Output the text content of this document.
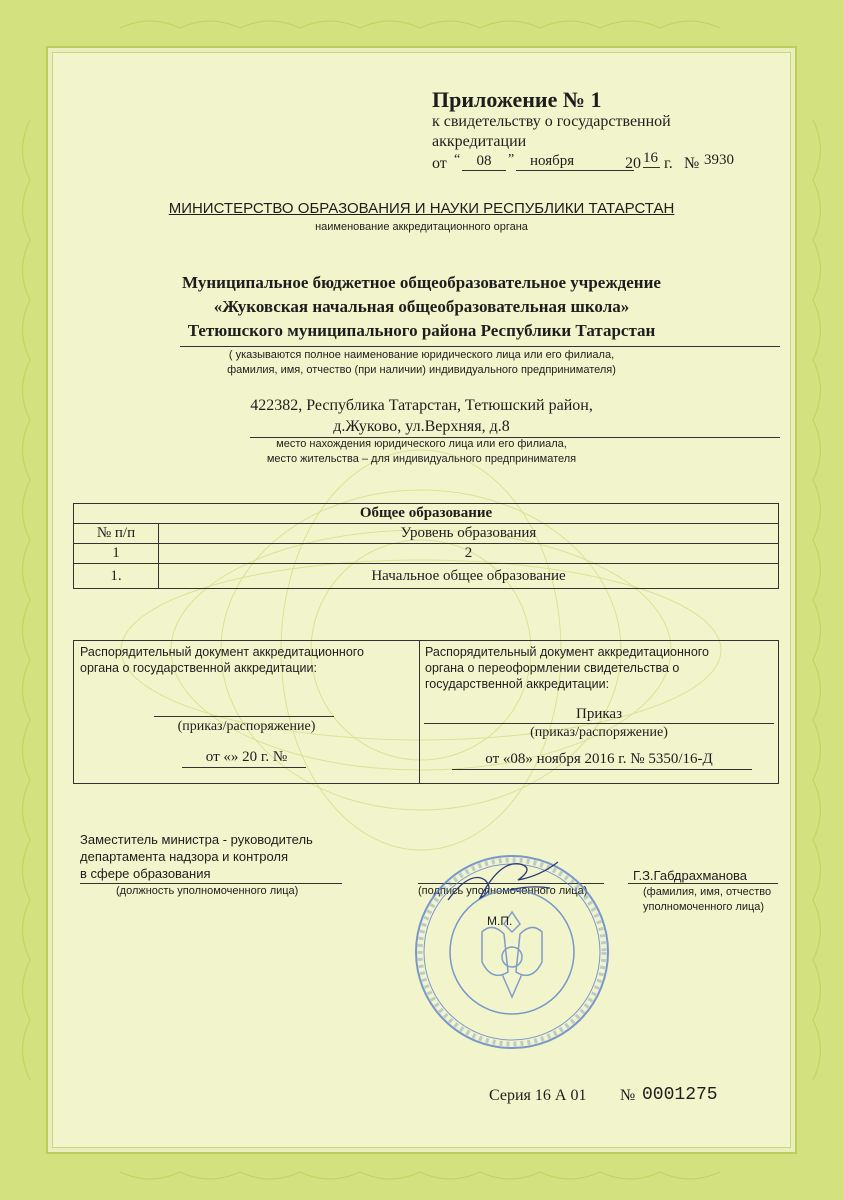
Приложение № 1
к свидетельству о государственной
аккредитации
от “	08	”	ноября	20 16 г. № 3930
МИНИСТЕРСТВО ОБРАЗОВАНИЯ И НАУКИ РЕСПУБЛИКИ ТАТАРСТАН
наименование аккредитационного органа
Муниципальное бюджетное общеобразовательное учреждение
«Жуковская начальная общеобразовательная школа»
Тетюшского муниципального района Республики Татарстан
( указываются полное наименование юридического лица или его филиала,
фамилия, имя, отчество (при наличии) индивидуального предпринимателя)
422382, Республика Татарстан, Тетюшский район,
д.Жуково, ул.Верхняя, д.8
место нахождения юридического лица или его филиала,
место жительства – для индивидуального предпринимателя
Общее образование	
№ п/п	Уровень образования
1	2
1.	Начальное общее образование
Распорядительный документ аккредитационного
органа о государственной аккредитации:
(приказ/распоряжение)
от «» 20 г. №
Распорядительный документ аккредитационного
органа о переоформлении свидетельства о
государственной аккредитации:
Приказ
(приказ/распоряжение)
от «08» ноября 2016 г. № 5350/16-Д
Заместитель министра - руководитель
департамента надзора и контроля
в сфере образования
(должность уполномоченного лица)	(подпись уполномоченного лица)
Г.З.Габдрахманова
(фамилия, имя, отчество
уполномоченного лица)
М.П.
Серия 16 А 01 № 0001275
